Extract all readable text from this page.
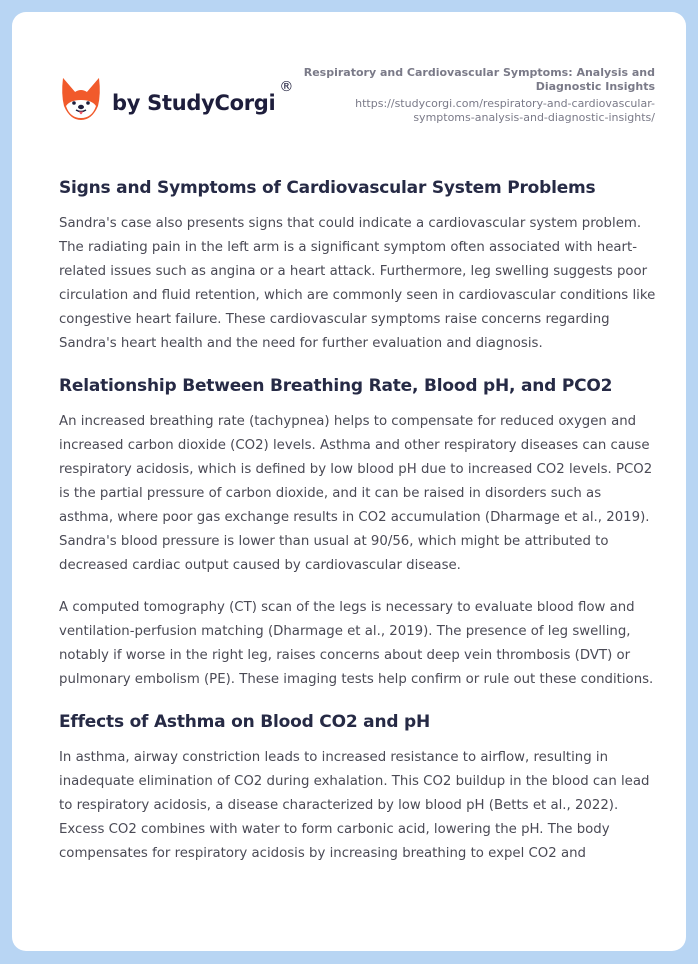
by StudyCorgi
®
Respiratory and Cardiovascular Symptoms: Analysis and Diagnostic Insights
https://studycorgi.com/respiratory-and-cardiovascular-symptoms-analysis-and-diagnostic-insights/
Signs and Symptoms of Cardiovascular System Problems

Sandra's case also presents signs that could indicate a cardiovascular system problem. The radiating pain in the left arm is a significant symptom often associated with heart-related issues such as angina or a heart attack. Furthermore, leg swelling suggests poor circulation and fluid retention, which are commonly seen in cardiovascular conditions like congestive heart failure. These cardiovascular symptoms raise concerns regarding Sandra's heart health and the need for further evaluation and diagnosis.

Relationship Between Breathing Rate, Blood pH, and PCO2

An increased breathing rate (tachypnea) helps to compensate for reduced oxygen and increased carbon dioxide (CO2) levels. Asthma and other respiratory diseases can cause respiratory acidosis, which is defined by low blood pH due to increased CO2 levels. PCO2 is the partial pressure of carbon dioxide, and it can be raised in disorders such as asthma, where poor gas exchange results in CO2 accumulation (Dharmage et al., 2019). Sandra's blood pressure is lower than usual at 90/56, which might be attributed to decreased cardiac output caused by cardiovascular disease.

A computed tomography (CT) scan of the legs is necessary to evaluate blood flow and ventilation-perfusion matching (Dharmage et al., 2019). The presence of leg swelling, notably if worse in the right leg, raises concerns about deep vein thrombosis (DVT) or pulmonary embolism (PE). These imaging tests help confirm or rule out these conditions.

Effects of Asthma on Blood CO2 and pH

In asthma, airway constriction leads to increased resistance to airflow, resulting in inadequate elimination of CO2 during exhalation. This CO2 buildup in the blood can lead to respiratory acidosis, a disease characterized by low blood pH (Betts et al., 2022). Excess CO2 combines with water to form carbonic acid, lowering the pH. The body compensates for respiratory acidosis by increasing breathing to expel CO2 and
